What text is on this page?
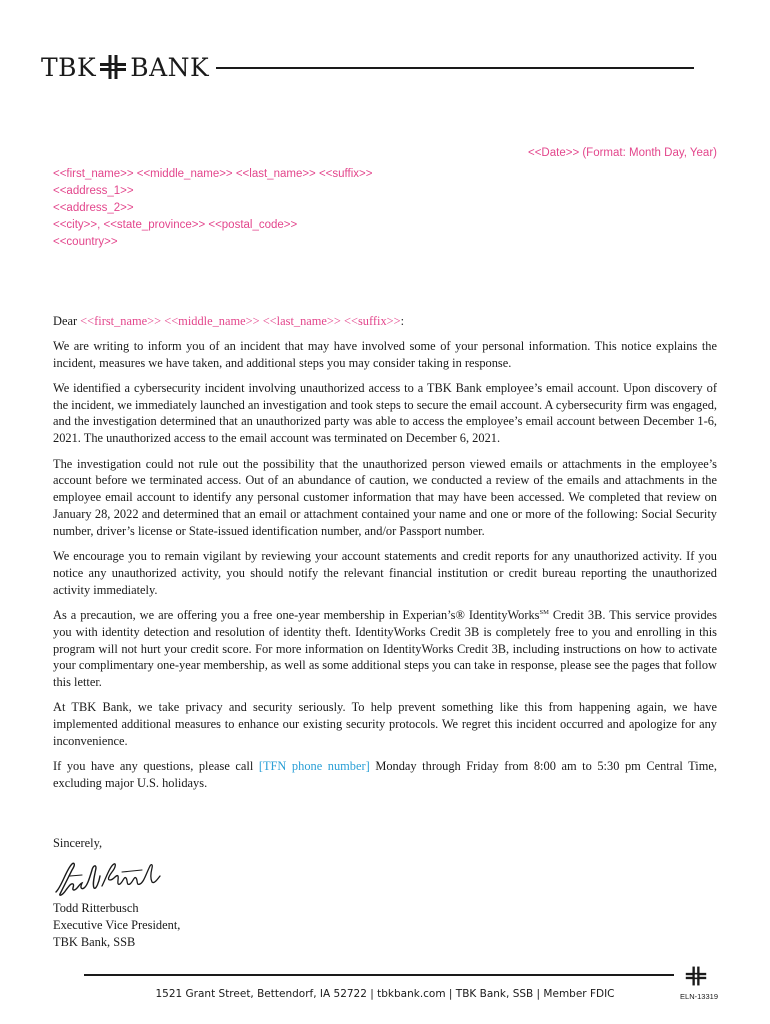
TBK BANK
<<Date>> (Format: Month Day, Year)
<<first_name>> <<middle_name>> <<last_name>> <<suffix>>
<<address_1>>
<<address_2>>
<<city>>, <<state_province>> <<postal_code>>
<<country>>

Dear <<first_name>> <<middle_name>> <<last_name>> <<suffix>>:

We are writing to inform you of an incident that may have involved some of your personal information. This notice explains the incident, measures we have taken, and additional steps you may consider taking in response.

We identified a cybersecurity incident involving unauthorized access to a TBK Bank employee’s email account. Upon discovery of the incident, we immediately launched an investigation and took steps to secure the email account. A cybersecurity firm was engaged, and the investigation determined that an unauthorized party was able to access the employee’s email account between December 1-6, 2021. The unauthorized access to the email account was terminated on December 6, 2021.

The investigation could not rule out the possibility that the unauthorized person viewed emails or attachments in the employee’s account before we terminated access. Out of an abundance of caution, we conducted a review of the emails and attachments in the employee email account to identify any personal customer information that may have been accessed. We completed that review on January 28, 2022 and determined that an email or attachment contained your name and one or more of the following: Social Security number, driver’s license or State-issued identification number, and/or Passport number.

We encourage you to remain vigilant by reviewing your account statements and credit reports for any unauthorized activity. If you notice any unauthorized activity, you should notify the relevant financial institution or credit bureau reporting the unauthorized activity immediately.

As a precaution, we are offering you a free one-year membership in Experian’s® IdentityWorks℠ Credit 3B. This service provides you with identity detection and resolution of identity theft. IdentityWorks Credit 3B is completely free to you and enrolling in this program will not hurt your credit score. For more information on IdentityWorks Credit 3B, including instructions on how to activate your complimentary one-year membership, as well as some additional steps you can take in response, please see the pages that follow this letter.

At TBK Bank, we take privacy and security seriously. To help prevent something like this from happening again, we have implemented additional measures to enhance our existing security protocols. We regret this incident occurred and apologize for any inconvenience.

If you have any questions, please call [TFN phone number] Monday through Friday from 8:00 am to 5:30 pm Central Time, excluding major U.S. holidays.

Sincerely,
Todd Ritterbusch
Executive Vice President,
TBK Bank, SSB
1521 Grant Street, Bettendorf, IA 52722 | tbkbank.com | TBK Bank, SSB | Member FDIC	ELN-13319
